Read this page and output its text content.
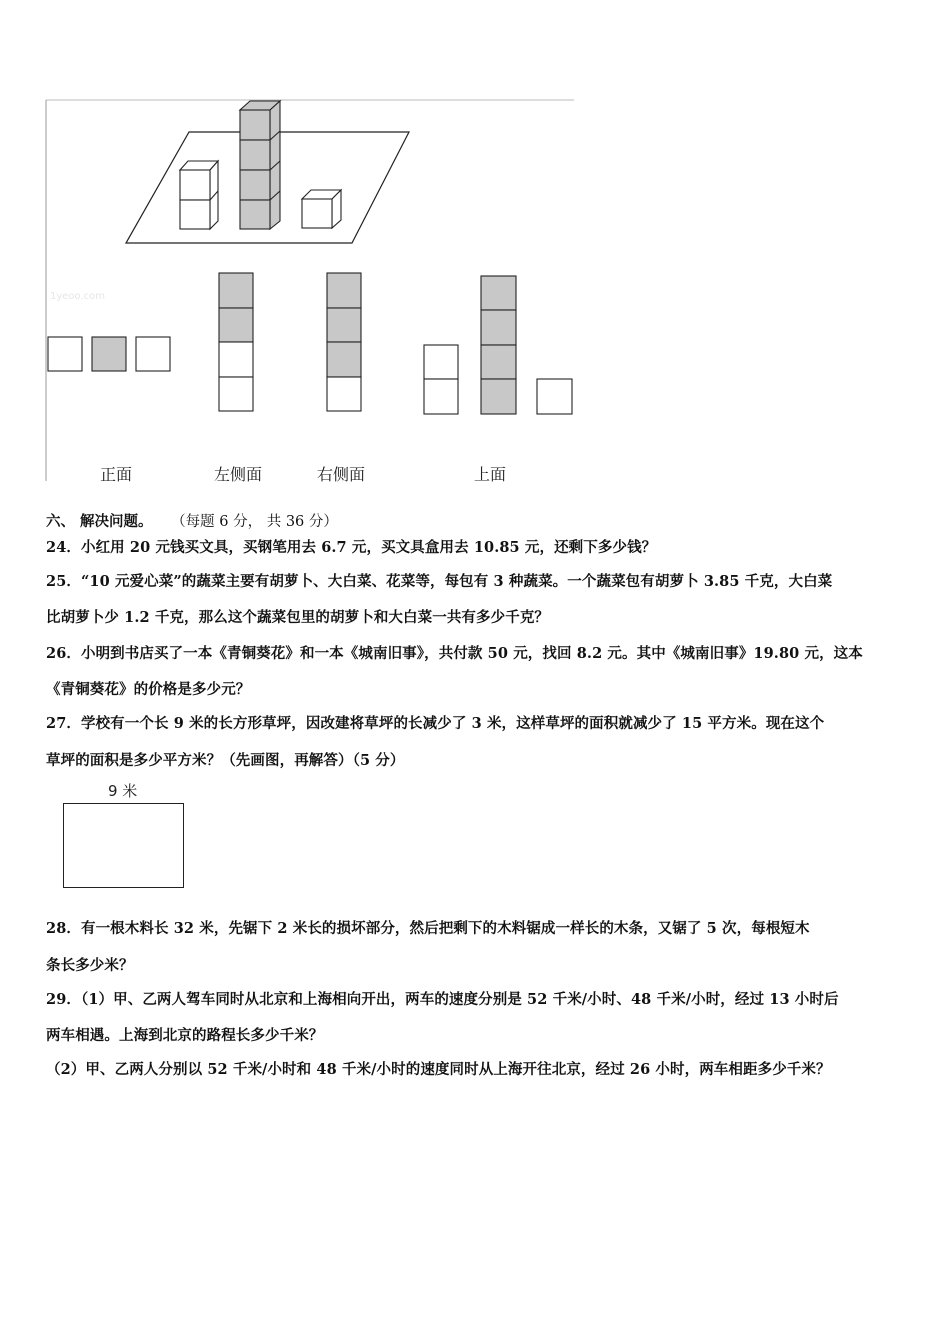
1yeoo.com
正面	左侧面	右侧面	上面
六、 解决问题。 （每题 6 分， 共 36 分）
24．小红用 20 元钱买文具，买钢笔用去 6.7 元，买文具盒用去 10.85 元，还剩下多少钱？
25．“10 元爱心菜”的蔬菜主要有胡萝卜、大白菜、花菜等，每包有 3 种蔬菜。一个蔬菜包有胡萝卜 3.85 千克，大白菜
比胡萝卜少 1.2 千克，那么这个蔬菜包里的胡萝卜和大白菜一共有多少千克？
26．小明到书店买了一本《青铜葵花》和一本《城南旧事》，共付款 50 元，找回 8.2 元。其中《城南旧事》19.80 元，这本
《青铜葵花》的价格是多少元？
27．学校有一个长 9 米的长方形草坪，因改建将草坪的长减少了 3 米，这样草坪的面积就减少了 15 平方米。现在这个
草坪的面积是多少平方米？（先画图，再解答）（5 分）
9 米
28．有一根木料长 32 米，先锯下 2 米长的损坏部分，然后把剩下的木料锯成一样长的木条，又锯了 5 次，每根短木
条长多少米？
29．（1）甲、乙两人驾车同时从北京和上海相向开出，两车的速度分别是 52 千米/小时、48 千米/小时，经过 13 小时后
两车相遇。上海到北京的路程长多少千米？
（2）甲、乙两人分别以 52 千米/小时和 48 千米/小时的速度同时从上海开往北京，经过 26 小时，两车相距多少千米？
